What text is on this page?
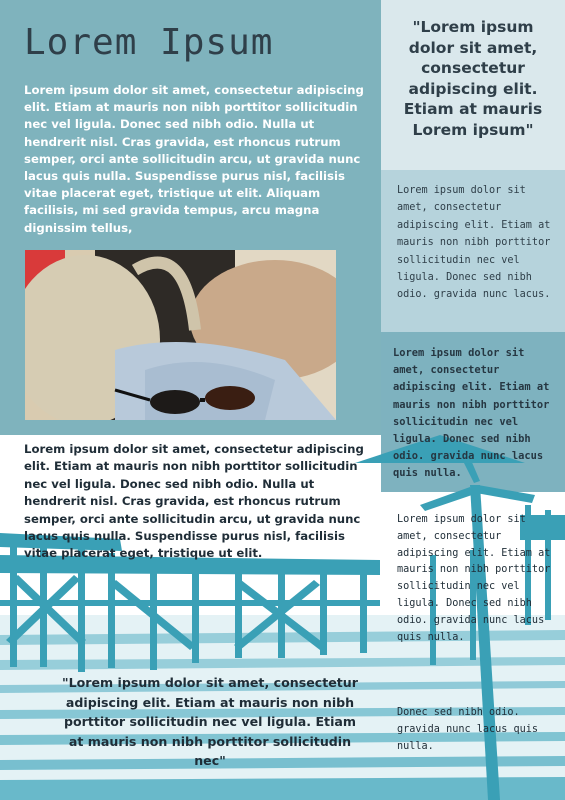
Lorem Ipsum
Lorem ipsum dolor sit amet, consectetur adipiscing elit. Etiam at mauris non nibh porttitor sollicitudin nec vel ligula. Donec sed nibh odio. Nulla ut hendrerit nisl. Cras gravida, est rhoncus rutrum semper, orci ante sollicitudin arcu, ut gravida nunc lacus quis nulla. Suspendisse purus nisl, facilisis vitae placerat eget, tristique ut elit. Aliquam facilisis, mi sed gravida tempus, arcu magna dignissim tellus,
"Lorem ipsum dolor sit amet, consectetur adipiscing elit. Etiam at mauris Lorem ipsum"
Lorem ipsum dolor sit amet, consectetur adipiscing elit. Etiam at mauris non nibh porttitor sollicitudin nec vel ligula. Donec sed nibh odio. gravida nunc lacus.
Lorem ipsum dolor sit amet, consectetur adipiscing elit. Etiam at mauris non nibh porttitor sollicitudin nec vel ligula. Donec sed nibh odio. gravida nunc lacus quis nulla.
Lorem ipsum dolor sit amet, consectetur adipiscing elit. Etiam at mauris non nibh porttitor sollicitudin nec vel ligula. Donec sed nibh odio. Nulla ut hendrerit nisl. Cras gravida, est rhoncus rutrum semper, orci ante sollicitudin arcu, ut gravida nunc lacus quis nulla. Suspendisse purus nisl, facilisis vitae placerat eget, tristique ut elit.
Lorem ipsum dolor sit amet, consectetur adipiscing elit. Etiam at mauris non nibh porttitor sollicitudin nec vel ligula. Donec sed nibh odio. gravida nunc lacus quis nulla.
Donec sed nibh odio. gravida nunc lacus quis nulla.
"Lorem ipsum dolor sit amet, consectetur adipiscing elit. Etiam at mauris non nibh porttitor sollicitudin nec vel ligula. Etiam at mauris non nibh porttitor sollicitudin nec"
